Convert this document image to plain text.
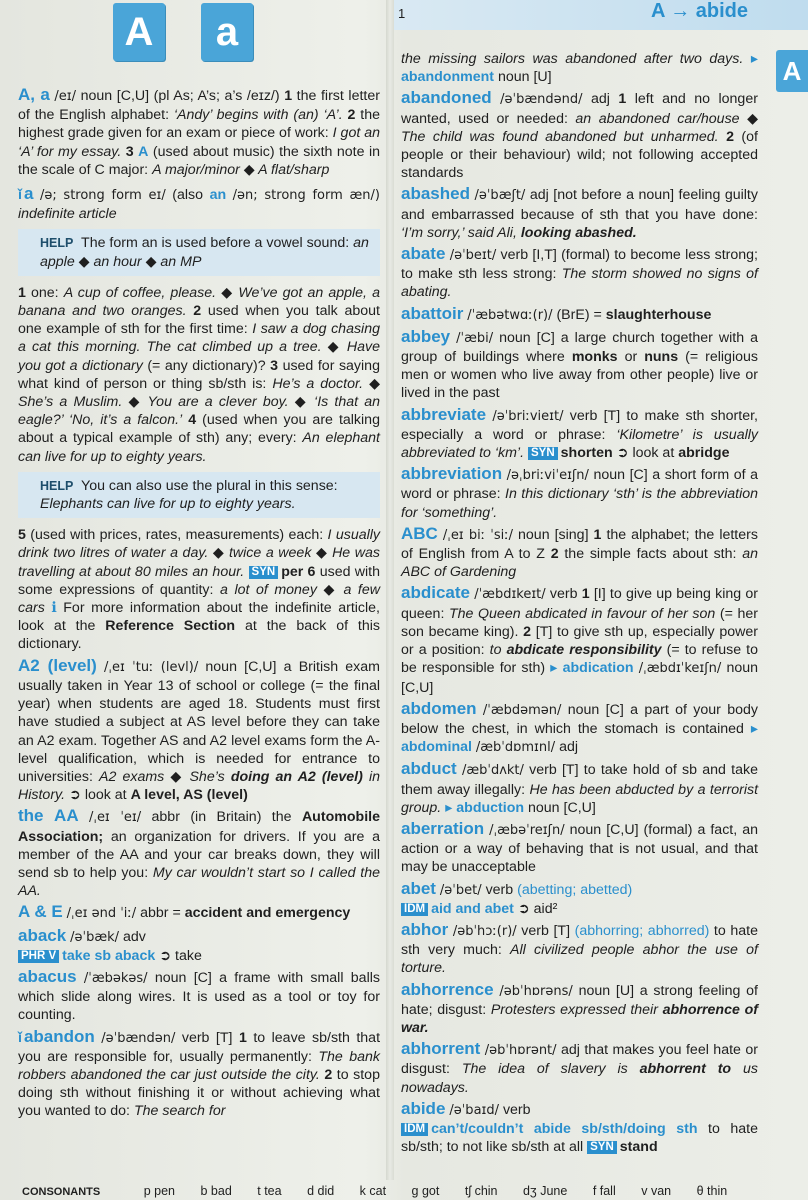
A	a	1	A → abide
A

A, a /eɪ/ noun [C,U] (pl As; A’s; a’s /eɪz/) 1 the first letter of the English alphabet: ‘Andy’ begins with (an) ‘A’. 2 the highest grade given for an exam or piece of work: I got an ‘A’ for my essay. 3 A (used about music) the sixth note in the scale of C major: A major/minor ◆ A flat/sharp

ǐ a /ə; strong form eɪ/ (also an /ən; strong form æn/) indefinite article

HELP The form an is used before a vowel sound: an apple ◆ an hour ◆ an MP

1 one: A cup of coffee, please. ◆ We’ve got an apple, a banana and two oranges. 2 used when you talk about one example of sth for the first time: I saw a dog chasing a cat this morning. The cat climbed up a tree. ◆ Have you got a dictionary (= any dictionary)? 3 used for saying what kind of person or thing sb/sth is: He’s a doctor. ◆ She’s a Muslim. ◆ You are a clever boy. ◆ ‘Is that an eagle?’ ‘No, it’s a falcon.’ 4 (used when you are talking about a typical example of sth) any; every: An elephant can live for up to eighty years.

HELP You can also use the plural in this sense: Elephants can live for up to eighty years.

5 (used with prices, rates, measurements) each: I usually drink two litres of water a day. ◆ twice a week ◆ He was travelling at about 80 miles an hour. SYN per 6 used with some expressions of quantity: a lot of money ◆ a few cars ℹ For more information about the indefinite article, look at the Reference Section at the back of this dictionary.

A2 (level) /ˌeɪ ˈtuː (levl)/ noun [C,U] a British exam usually taken in Year 13 of school or college (= the final year) when students are aged 18. Students must first have studied a subject at AS level before they can take an A2 exam. Together AS and A2 level exams form the A-level qualification, which is needed for entrance to universities: A2 exams ◆ She’s doing an A2 (level) in History. ➲ look at A level, AS (level)

the AA /ˌeɪ ˈeɪ/ abbr (in Britain) the Automobile Association; an organization for drivers. If you are a member of the AA and your car breaks down, they will send sb to help you: My car wouldn’t start so I called the AA.

A & E /ˌeɪ ənd ˈiː/ abbr = accident and emergency

aback /əˈbæk/ adv
PHR V take sb aback ➲ take

abacus /ˈæbəkəs/ noun [C] a frame with small balls which slide along wires. It is used as a tool or toy for counting.

ǐ abandon /əˈbændən/ verb [T] 1 to leave sb/sth that you are responsible for, usually permanently: The bank robbers abandoned the car just outside the city. 2 to stop doing sth without finishing it or without achieving what you wanted to do: The search for

the missing sailors was abandoned after two days. ▸ abandonment noun [U]

abandoned /əˈbændənd/ adj 1 left and no longer wanted, used or needed: an abandoned car/house ◆ The child was found abandoned but unharmed. 2 (of people or their behaviour) wild; not following accepted standards

abashed /əˈbæʃt/ adj [not before a noun] feeling guilty and embarrassed because of sth that you have done: ‘I’m sorry,’ said Ali, looking abashed.

abate /əˈbeɪt/ verb [I,T] (formal) to become less strong; to make sth less strong: The storm showed no signs of abating.

abattoir /ˈæbətwɑː(r)/ (BrE) = slaughterhouse

abbey /ˈæbi/ noun [C] a large church together with a group of buildings where monks or nuns (= religious men or women who live away from other people) live or lived in the past

abbreviate /əˈbriːvieɪt/ verb [T] to make sth shorter, especially a word or phrase: ‘Kilometre’ is usually abbreviated to ‘km’. SYN shorten ➲ look at abridge

abbreviation /əˌbriːviˈeɪʃn/ noun [C] a short form of a word or phrase: In this dictionary ‘sth’ is the abbreviation for ‘something’.

ABC /ˌeɪ biː ˈsiː/ noun [sing] 1 the alphabet; the letters of English from A to Z 2 the simple facts about sth: an ABC of Gardening

abdicate /ˈæbdɪkeɪt/ verb 1 [I] to give up being king or queen: The Queen abdicated in favour of her son (= her son became king). 2 [T] to give sth up, especially power or a position: to abdicate responsibility (= to refuse to be responsible for sth) ▸ abdication /ˌæbdɪˈkeɪʃn/ noun [C,U]

abdomen /ˈæbdəmən/ noun [C] a part of your body below the chest, in which the stomach is contained ▸ abdominal /æbˈdɒmɪnl/ adj

abduct /æbˈdʌkt/ verb [T] to take hold of sb and take them away illegally: He has been abducted by a terrorist group. ▸ abduction noun [C,U]

aberration /ˌæbəˈreɪʃn/ noun [C,U] (formal) a fact, an action or a way of behaving that is not usual, and that may be unacceptable

abet /əˈbet/ verb (abetting; abetted)
IDM aid and abet ➲ aid²

abhor /əbˈhɔː(r)/ verb [T] (abhorring; abhorred) to hate sth very much: All civilized people abhor the use of torture.

abhorrence /əbˈhɒrəns/ noun [U] a strong feeling of hate; disgust: Protesters expressed their abhorrence of war.

abhorrent /əbˈhɒrənt/ adj that makes you feel hate or disgust: The idea of slavery is abhorrent to us nowadays.

abide /əˈbaɪd/ verb
IDM can’t/couldn’t abide sb/sth/doing sth to hate sb/sth; to not like sb/sth at all SYN stand

CONSONANTS	p pen b bad t tea d did k cat g got tʃ chin dʒ June f fall v van θ thin
